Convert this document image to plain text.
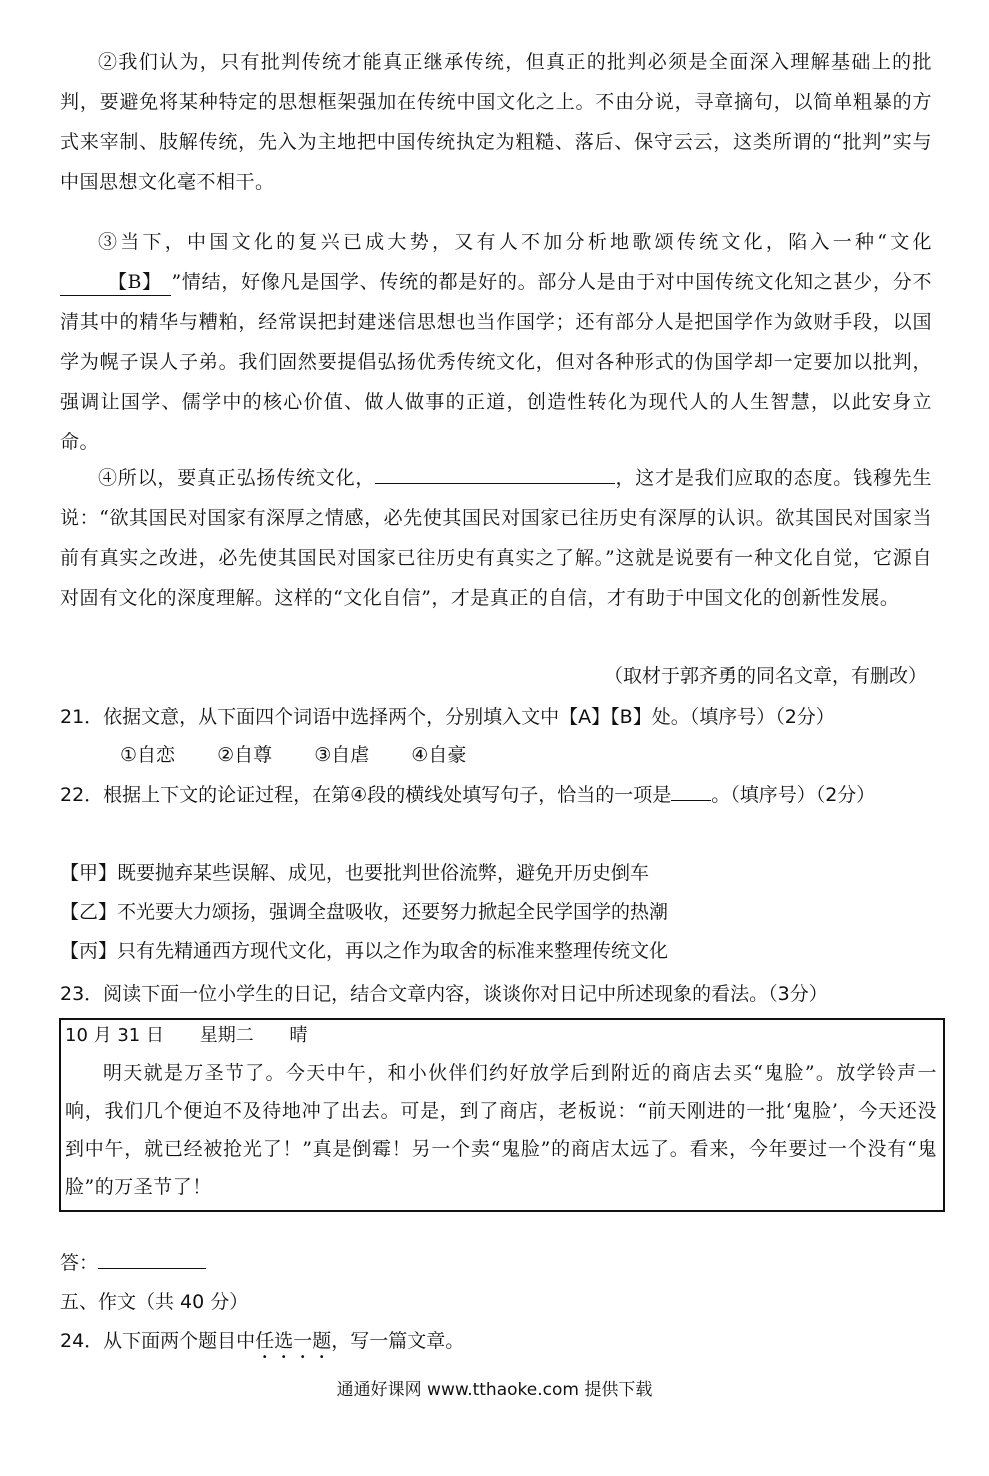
②我们认为，只有批判传统才能真正继承传统，但真正的批判必须是全面深入理解基础上的批判，要避免将某种特定的思想框架强加在传统中国文化之上。不由分说，寻章摘句，以简单粗暴的方式来宰制、肢解传统，先入为主地把中国传统执定为粗糙、落后、保守云云，这类所谓的“批判”实与中国思想文化毫不相干。
③当下，中国文化的复兴已成大势，又有人不加分析地歌颂传统文化，陷入一种“文化【B】 ”情结，好像凡是国学、传统的都是好的。部分人是由于对中国传统文化知之甚少，分不清其中的精华与糟粕，经常误把封建迷信思想也当作国学；还有部分人是把国学作为敛财手段，以国学为幌子误人子弟。我们固然要提倡弘扬优秀传统文化，但对各种形式的伪国学却一定要加以批判，强调让国学、儒学中的核心价值、做人做事的正道，创造性转化为现代人的人生智慧，以此安身立命。
④所以，要真正弘扬传统文化，	，这才是我们应取的态度。钱穆先生说：“欲其国民对国家有深厚之情感，必先使其国民对国家已往历史有深厚的认识。欲其国民对国家当前有真实之改进，必先使其国民对国家已往历史有真实之了解。”这就是说要有一种文化自觉，它源自对固有文化的深度理解。这样的“文化自信”，才是真正的自信，才有助于中国文化的创新性发展。
（取材于郭齐勇的同名文章，有删改）
21．依据文意，从下面四个词语中选择两个，分别填入文中【A】【B】处。（填序号）（2分）
①自恋 ②自尊 ③自虐 ④自豪
22．根据上下文的论证过程，在第④段的横线处填写句子，恰当的一项是 。（填序号）（2分）
【甲】既要抛弃某些误解、成见，也要批判世俗流弊，避免开历史倒车
【乙】不光要大力颂扬，强调全盘吸收，还要努力掀起全民学国学的热潮
【丙】只有先精通西方现代文化，再以之作为取舍的标准来整理传统文化
23．阅读下面一位小学生的日记，结合文章内容，谈谈你对日记中所述现象的看法。（3分）
10 月 31 日 星期二 晴
明天就是万圣节了。今天中午，和小伙伴们约好放学后到附近的商店去买“鬼脸”。放学铃声一响，我们几个便迫不及待地冲了出去。可是，到了商店，老板说：“前天刚进的一批‘鬼脸’，今天还没到中午，就已经被抢光了！”真是倒霉！另一个卖“鬼脸”的商店太远了。看来，今年要过一个没有“鬼脸”的万圣节了！
答：
五、作文（共 40 分）
24．从下面两个题目中任选一题，写一篇文章。
通通好课网 www.tthaoke.com 提供下载
